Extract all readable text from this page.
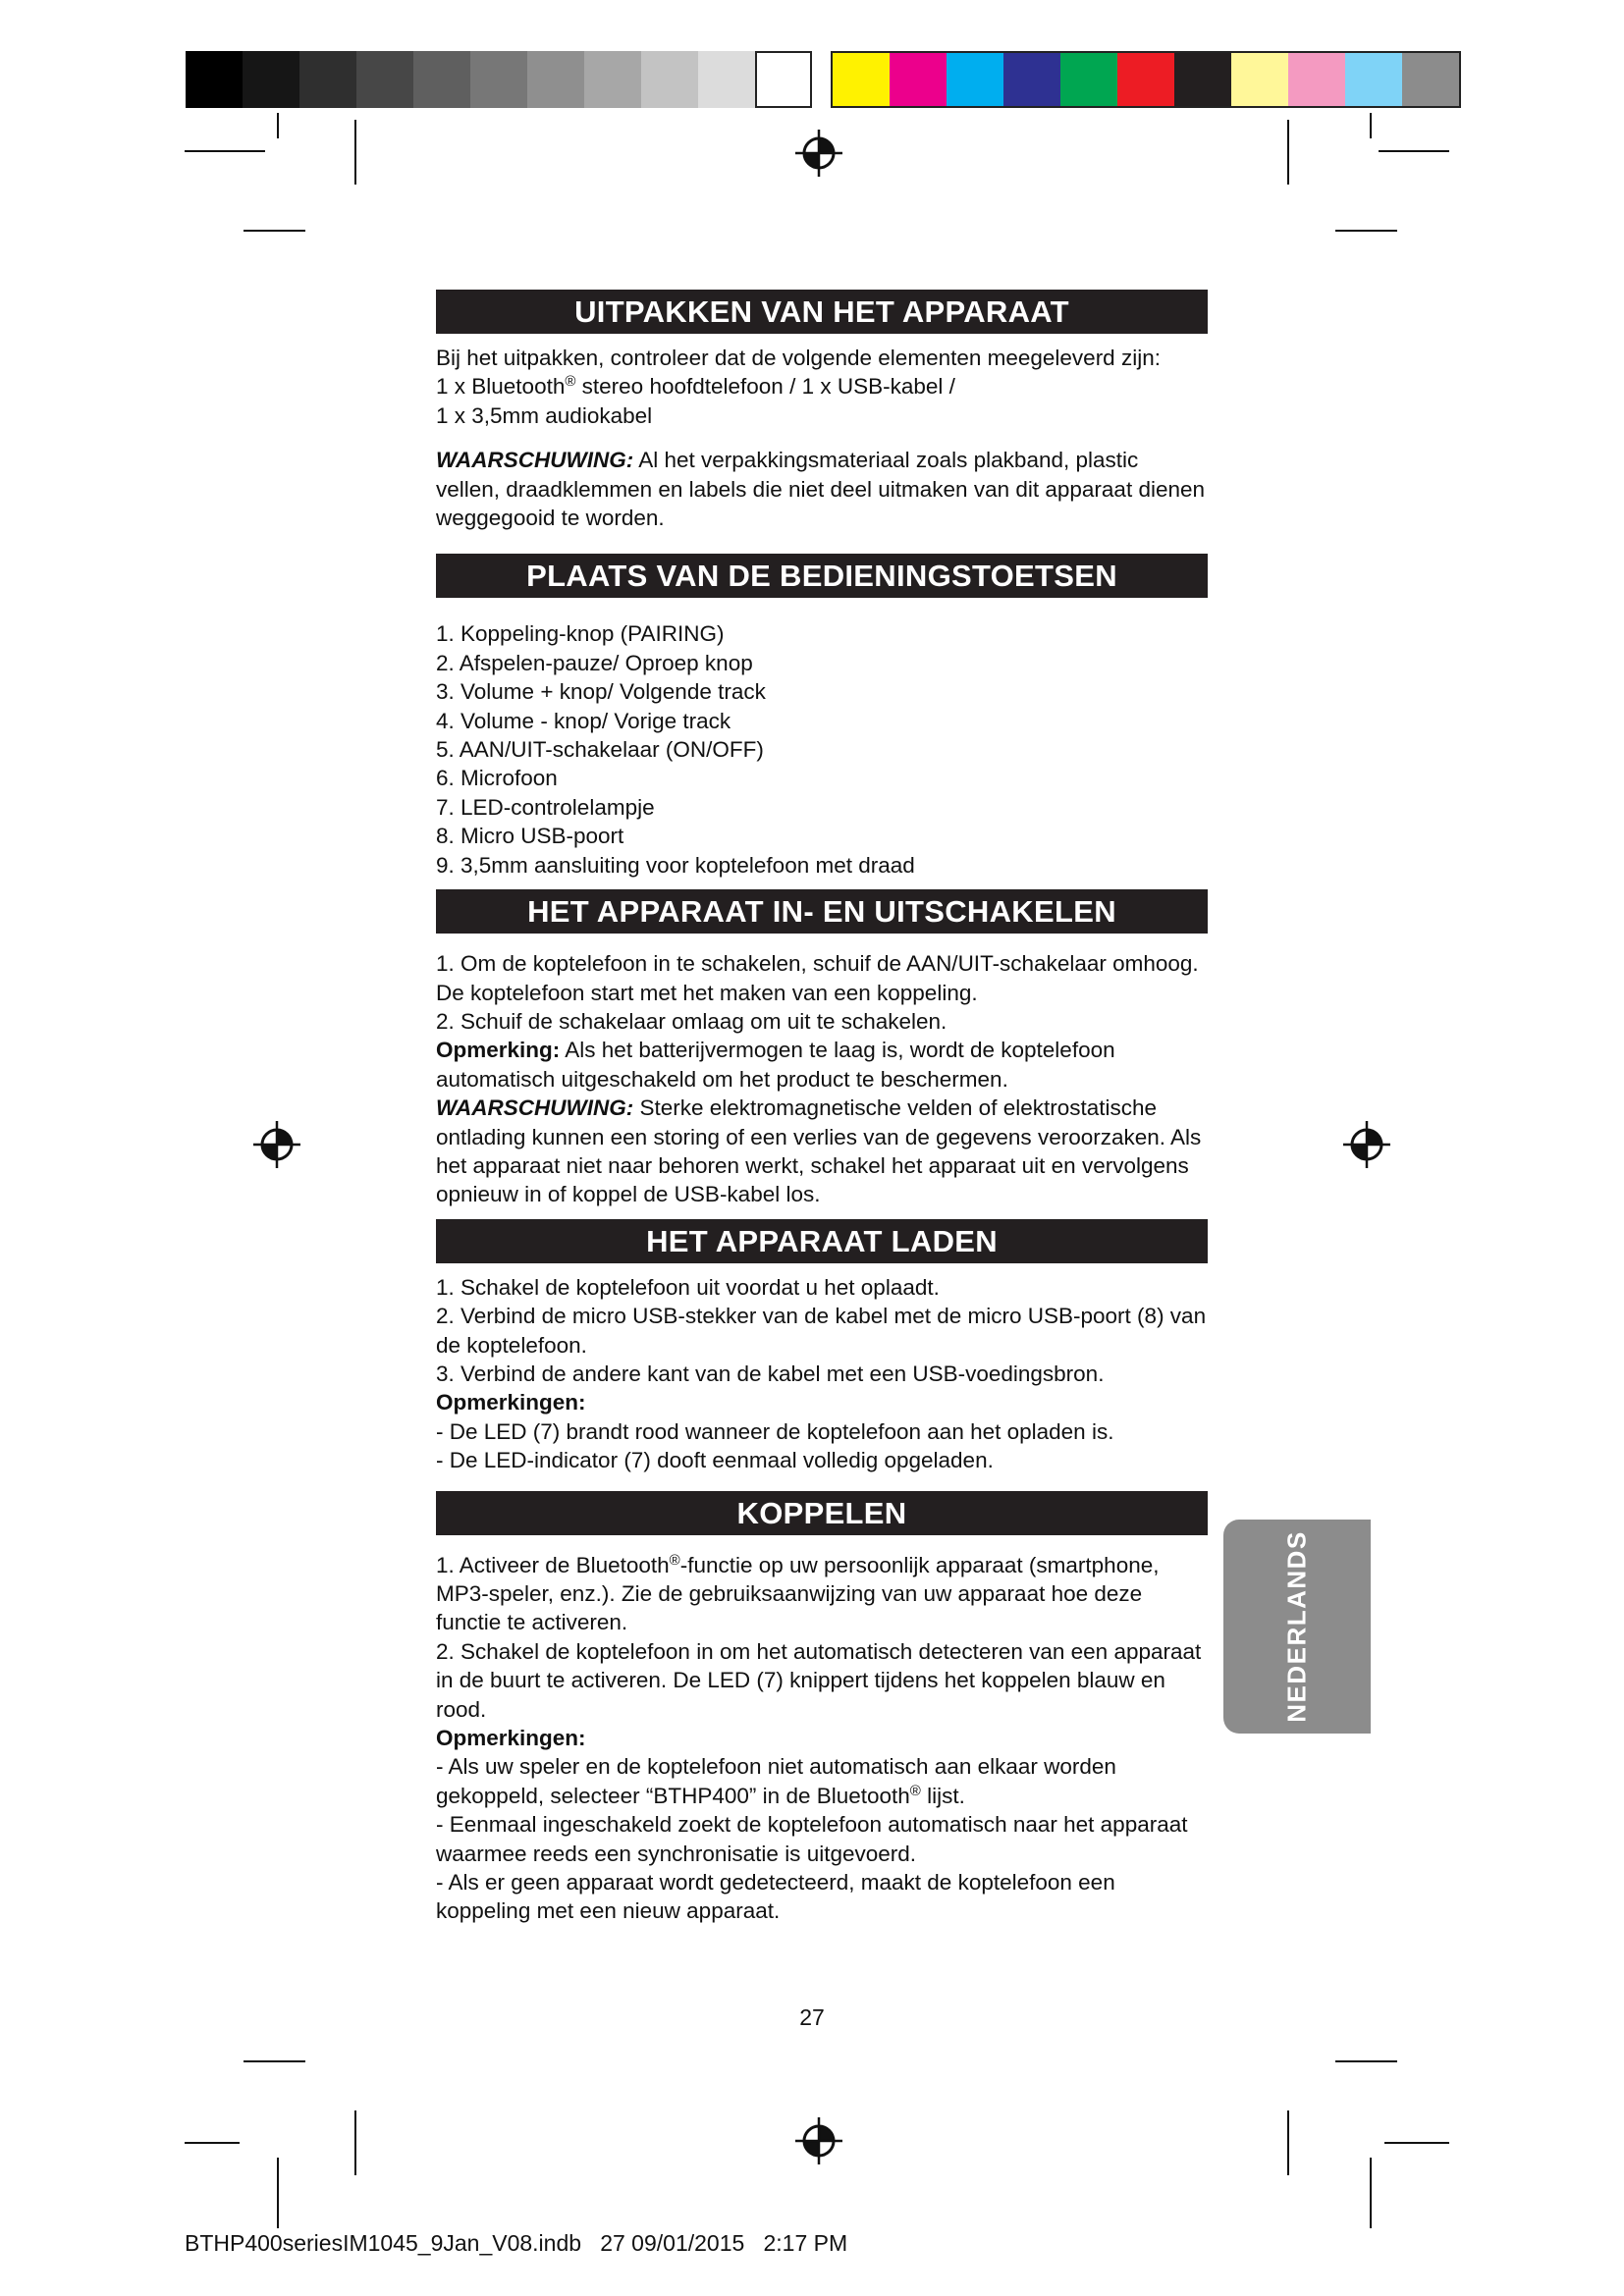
UITPAKKEN VAN HET APPARAAT

Bij het uitpakken, controleer dat de volgende elementen meegeleverd zijn:
1 x Bluetooth® stereo hoofdtelefoon / 1 x USB-kabel /
1 x 3,5mm audiokabel

WAARSCHUWING: Al het verpakkingsmateriaal zoals plakband, plastic vellen, draadklemmen en labels die niet deel uitmaken van dit apparaat dienen weggegooid te worden.

PLAATS VAN DE BEDIENINGSTOETSEN
1. Koppeling-knop (PAIRING)
2. Afspelen-pauze/ Oproep knop
3. Volume + knop/ Volgende track
4. Volume - knop/ Vorige track
5. AAN/UIT-schakelaar (ON/OFF)
6. Microfoon
7. LED-controlelampje
8. Micro USB-poort
9. 3,5mm aansluiting voor koptelefoon met draad
HET APPARAAT IN- EN UITSCHAKELEN
1. Om de koptelefoon in te schakelen, schuif de AAN/UIT-schakelaar omhoog. De koptelefoon start met het maken van een koppeling.
2. Schuif de schakelaar omlaag om uit te schakelen.
Opmerking: Als het batterijvermogen te laag is, wordt de koptelefoon automatisch uitgeschakeld om het product te beschermen.
WAARSCHUWING: Sterke elektromagnetische velden of elektrostatische ontlading kunnen een storing of een verlies van de gegevens veroorzaken. Als het apparaat niet naar behoren werkt, schakel het apparaat uit en vervolgens opnieuw in of koppel de USB-kabel los.
HET APPARAAT LADEN
1. Schakel de koptelefoon uit voordat u het oplaadt.
2. Verbind de micro USB-stekker van de kabel met de micro USB-poort (8) van de koptelefoon.
3. Verbind de andere kant van de kabel met een USB-voedingsbron.
Opmerkingen:
- De LED (7) brandt rood wanneer de koptelefoon aan het opladen is.
- De LED-indicator (7) dooft eenmaal volledig opgeladen.
KOPPELEN
1. Activeer de Bluetooth®-functie op uw persoonlijk apparaat (smartphone, MP3-speler, enz.). Zie de gebruiksaanwijzing van uw apparaat hoe deze functie te activeren.
2. Schakel de koptelefoon in om het automatisch detecteren van een apparaat in de buurt te activeren. De LED (7) knippert tijdens het koppelen blauw en rood.
Opmerkingen:
- Als uw speler en de koptelefoon niet automatisch aan elkaar worden gekoppeld, selecteer “BTHP400” in de Bluetooth® lijst.
- Eenmaal ingeschakeld zoekt de koptelefoon automatisch naar het apparaat waarmee reeds een synchronisatie is uitgevoerd.
- Als er geen apparaat wordt gedetecteerd, maakt de koptelefoon een koppeling met een nieuw apparaat.
NEDERLANDS
27
BTHP400seriesIM1045_9Jan_V08.indb   27 09/01/2015   2:17 PM
